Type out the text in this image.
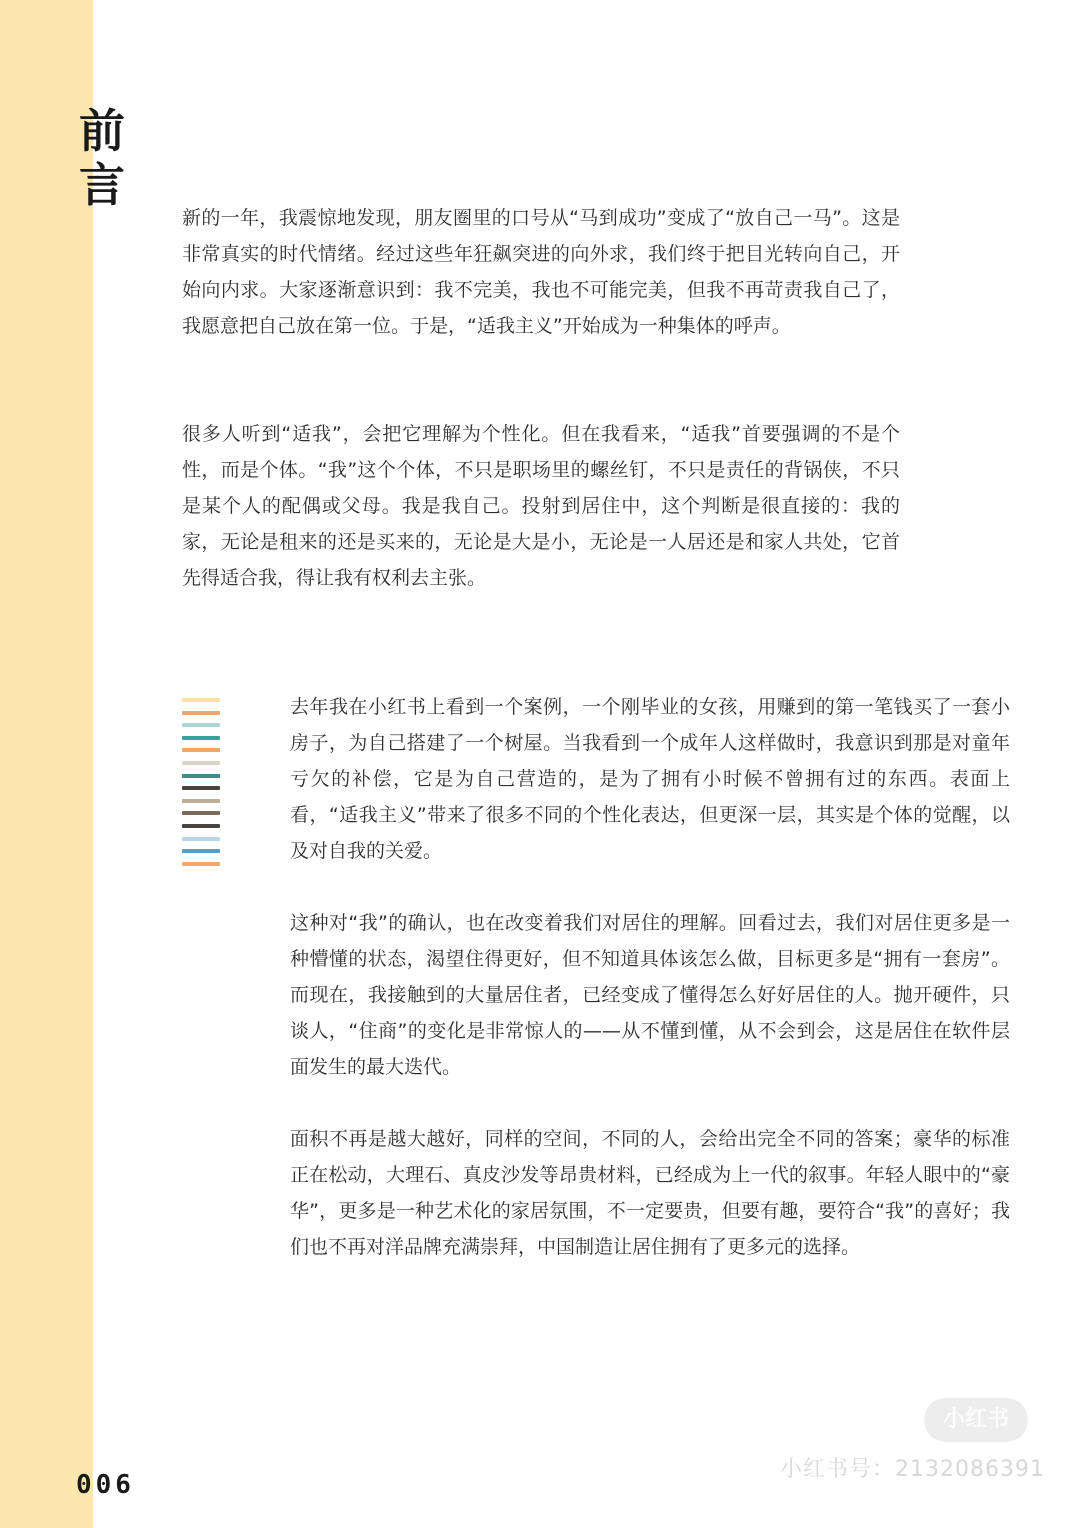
前
言

新的一年，我震惊地发现，朋友圈里的口号从“马到成功”变成了“放自己一马”。这是非常真实的时代情绪。经过这些年狂飙突进的向外求，我们终于把目光转向自己，开始向内求。大家逐渐意识到：我不完美，我也不可能完美，但我不再苛责我自己了，我愿意把自己放在第一位。于是，“适我主义”开始成为一种集体的呼声。

很多人听到“适我”，会把它理解为个性化。但在我看来，“适我”首要强调的不是个性，而是个体。“我”这个个体，不只是职场里的螺丝钉，不只是责任的背锅侠，不只是某个人的配偶或父母。我是我自己。投射到居住中，这个判断是很直接的：我的家，无论是租来的还是买来的，无论是大是小，无论是一人居还是和家人共处，它首先得适合我，得让我有权利去主张。

去年我在小红书上看到一个案例，一个刚毕业的女孩，用赚到的第一笔钱买了一套小房子，为自己搭建了一个树屋。当我看到一个成年人这样做时，我意识到那是对童年亏欠的补偿，它是为自己营造的，是为了拥有小时候不曾拥有过的东西。表面上看，“适我主义”带来了很多不同的个性化表达，但更深一层，其实是个体的觉醒，以及对自我的关爱。

这种对“我”的确认，也在改变着我们对居住的理解。回看过去，我们对居住更多是一种懵懂的状态，渴望住得更好，但不知道具体该怎么做，目标更多是“拥有一套房”。而现在，我接触到的大量居住者，已经变成了懂得怎么好好居住的人。抛开硬件，只谈人，“住商”的变化是非常惊人的——从不懂到懂，从不会到会，这是居住在软件层面发生的最大迭代。

面积不再是越大越好，同样的空间，不同的人，会给出完全不同的答案；豪华的标准正在松动，大理石、真皮沙发等昂贵材料，已经成为上一代的叙事。年轻人眼中的“豪华”，更多是一种艺术化的家居氛围，不一定要贵，但要有趣，要符合“我”的喜好；我们也不再对洋品牌充满崇拜，中国制造让居住拥有了更多元的选择。

006
小红书
小红书号：2132086391
